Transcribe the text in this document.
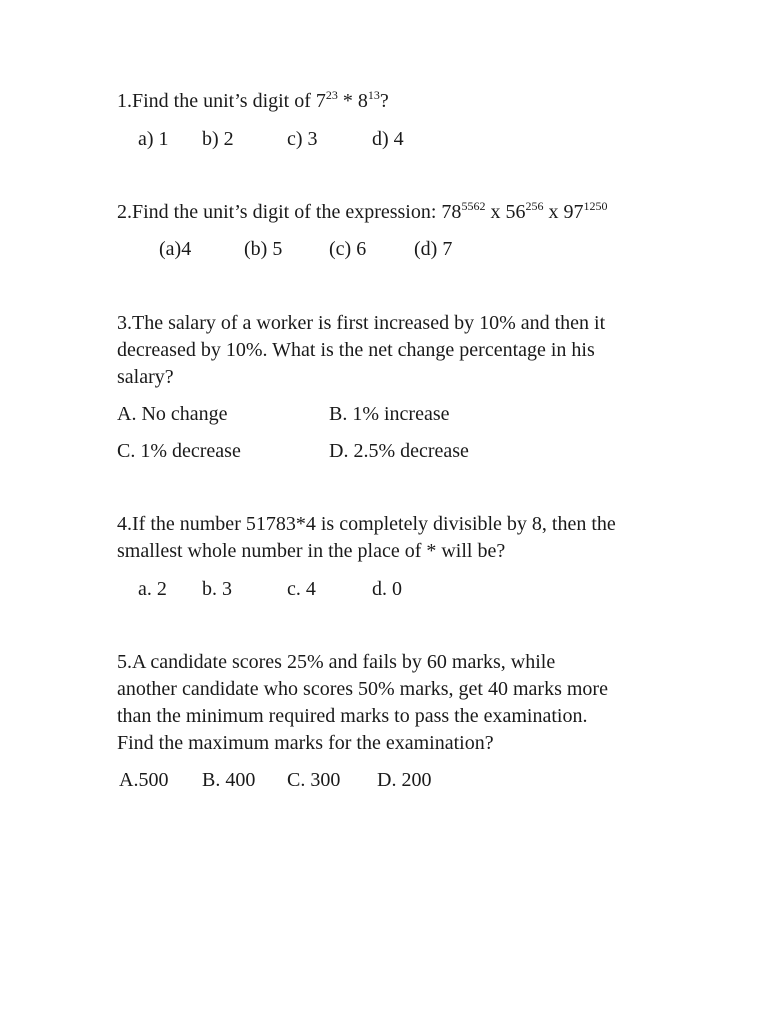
1.Find the unit’s digit of $7^{23} * 8^{13}$?

a) 1 b) 2	c) 3	d) 4

2.Find the unit’s digit of the expression: $78^{5562}$ x $56^{256}$ x $97^{1250}$

(a)4	(b) 5 (c) 6 (d) 7
3.The salary of a worker is first increased by 10% and then it
decreased by 10%. What is the net change percentage in his
salary?
A. No change	B. 1% increase
C. 1% decrease	D. 2.5% decrease
4.If the number 51783*4 is completely divisible by 8, then the
smallest whole number in the place of * will be?
a. 2 b. 3	c. 4	d. 0
5.A candidate scores 25% and fails by 60 marks, while
another candidate who scores 50% marks, get 40 marks more
than the minimum required marks to pass the examination.
Find the maximum marks for the examination?
A.500 B. 400 C. 300 D. 200
